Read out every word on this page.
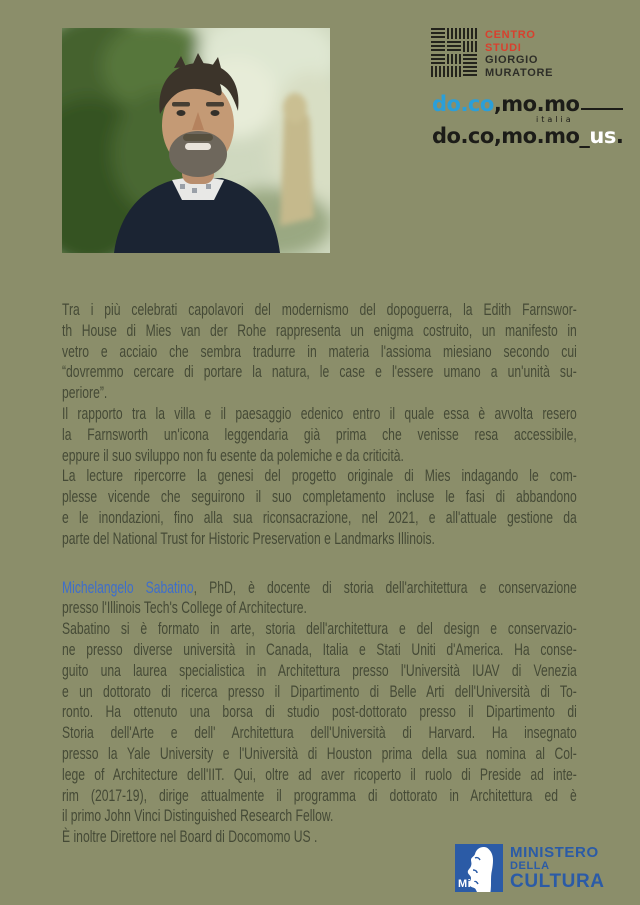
CENTRO
STUDI
GIORGIO
MURATORE
do.co,mo.mo
italia
do.co,mo.mo_us.
Tra i più celebrati capolavori del modernismo del dopoguerra, la Edith Farnswor-
th House di Mies van der Rohe rappresenta un enigma costruito, un manifesto in
vetro e acciaio che sembra tradurre in materia l'assioma miesiano secondo cui
“dovremmo cercare di portare la natura, le case e l'essere umano a un'unità su-
periore”.
Il rapporto tra la villa e il paesaggio edenico entro il quale essa è avvolta resero
la Farnsworth un'icona leggendaria già prima che venisse resa accessibile,
eppure il suo sviluppo non fu esente da polemiche e da criticità.
La lecture ripercorre la genesi del progetto originale di Mies indagando le com-
plesse vicende che seguirono il suo completamento incluse le fasi di abbandono
e le inondazioni, fino alla sua riconsacrazione, nel 2021, e all'attuale gestione da
parte del National Trust for Historic Preservation e Landmarks Illinois.
Michelangelo Sabatino, PhD, è docente di storia dell'architettura e conservazione
presso l'Illinois Tech's College of Architecture.
Sabatino si è formato in arte, storia dell'architettura e del design e conservazio-
ne presso diverse università in Canada, Italia e Stati Uniti d'America. Ha conse-
guito una laurea specialistica in Architettura presso l'Università IUAV di Venezia
e un dottorato di ricerca presso il Dipartimento di Belle Arti dell'Università di To-
ronto. Ha ottenuto una borsa di studio post-dottorato presso il Dipartimento di
Storia dell'Arte e dell' Architettura dell'Università di Harvard. Ha insegnato
presso la Yale University e l'Università di Houston prima della sua nomina al Col-
lege of Architecture dell'IIT. Qui, oltre ad aver ricoperto il ruolo di Preside ad inte-
rim (2017-19), dirige attualmente il programma di dottorato in Architettura ed è
il primo John Vinci Distinguished Research Fellow.
È inoltre Direttore nel Board di Docomomo US .
MiC
MINISTERO
DELLA
CULTURA
